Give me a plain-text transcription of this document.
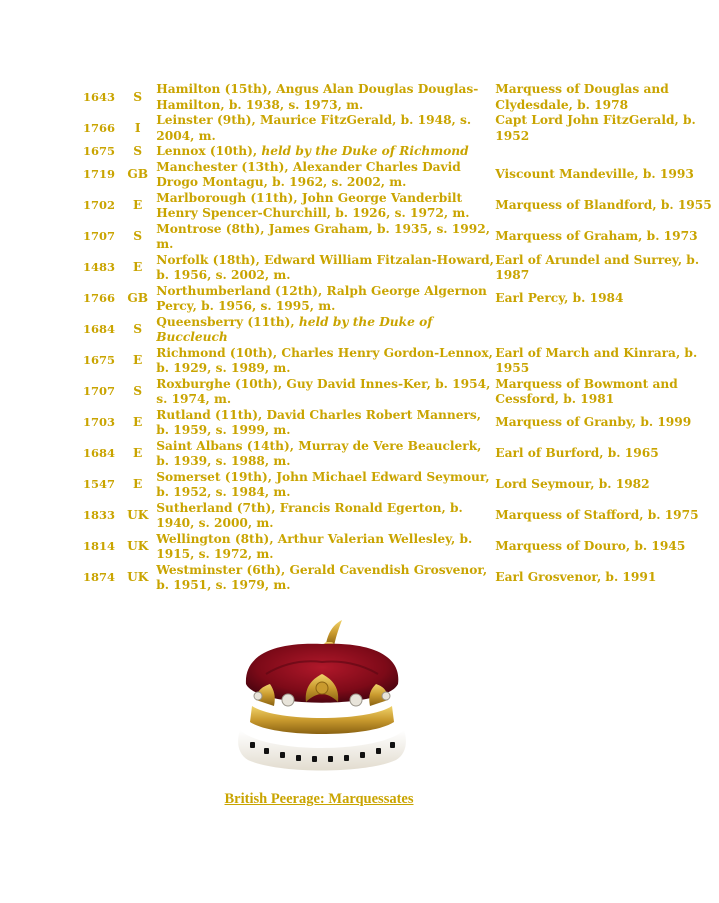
1643	S	Hamilton (15th), Angus Alan Douglas Douglas-Hamilton, b. 1938, s. 1973, m.	Marquess of Douglas and Clydesdale, b. 1978
1766	I	Leinster (9th), Maurice FitzGerald, b. 1948, s. 2004, m.	Capt Lord John FitzGerald, b. 1952
1675	S	Lennox (10th), held by the Duke of Richmond	
1719	GB	Manchester (13th), Alexander Charles David Drogo Montagu, b. 1962, s. 2002, m.	Viscount Mandeville, b. 1993
1702	E	Marlborough (11th), John George Vanderbilt Henry Spencer-Churchill, b. 1926, s. 1972, m.	Marquess of Blandford, b. 1955
1707	S	Montrose (8th), James Graham, b. 1935, s. 1992, m.	Marquess of Graham, b. 1973
1483	E	Norfolk (18th), Edward William Fitzalan-Howard, b. 1956, s. 2002, m.	Earl of Arundel and Surrey, b. 1987
1766	GB	Northumberland (12th), Ralph George Algernon Percy, b. 1956, s. 1995, m.	Earl Percy, b. 1984
1684	S	Queensberry (11th), held by the Duke of Buccleuch	
1675	E	Richmond (10th), Charles Henry Gordon-Lennox, b. 1929, s. 1989, m.	Earl of March and Kinrara, b. 1955
1707	S	Roxburghe (10th), Guy David Innes-Ker, b. 1954, s. 1974, m.	Marquess of Bowmont and Cessford, b. 1981
1703	E	Rutland (11th), David Charles Robert Manners, b. 1959, s. 1999, m.	Marquess of Granby, b. 1999
1684	E	Saint Albans (14th), Murray de Vere Beauclerk, b. 1939, s. 1988, m.	Earl of Burford, b. 1965
1547	E	Somerset (19th), John Michael Edward Seymour, b. 1952, s. 1984, m.	Lord Seymour, b. 1982
1833	UK	Sutherland (7th), Francis Ronald Egerton, b. 1940, s. 2000, m.	Marquess of Stafford, b. 1975
1814	UK	Wellington (8th), Arthur Valerian Wellesley, b. 1915, s. 1972, m.	Marquess of Douro, b. 1945
1874	UK	Westminster (6th), Gerald Cavendish Grosvenor, b. 1951, s. 1979, m.	Earl Grosvenor, b. 1991
British Peerage: Marquessates
